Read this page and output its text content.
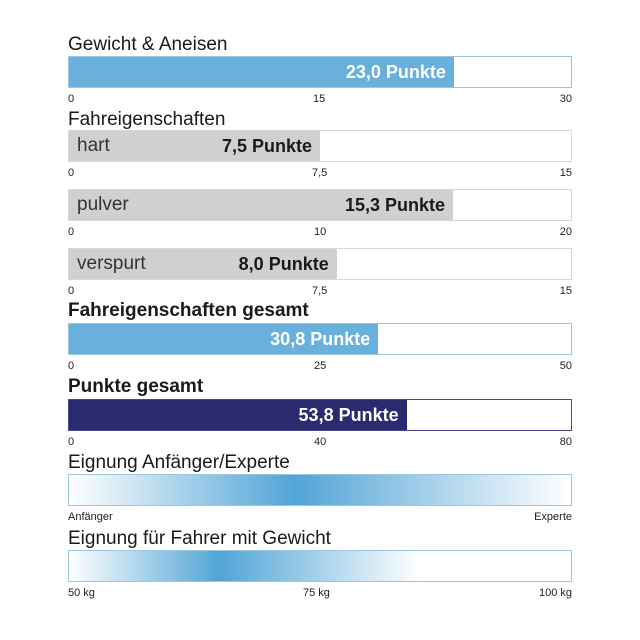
Gewicht & Aneisen
23,0 Punkte
0	15	30
Fahreigenschaften
hart	7,5 Punkte
0	7,5	15
pulver	15,3 Punkte
0	10	20
verspurt	8,0 Punkte
0	7,5	15
Fahreigenschaften gesamt
30,8 Punkte
0	25	50
Punkte gesamt
53,8 Punkte
0	40	80
Eignung Anfänger/Experte
Anfänger	Experte
Eignung für Fahrer mit Gewicht
50 kg	75 kg	100 kg
